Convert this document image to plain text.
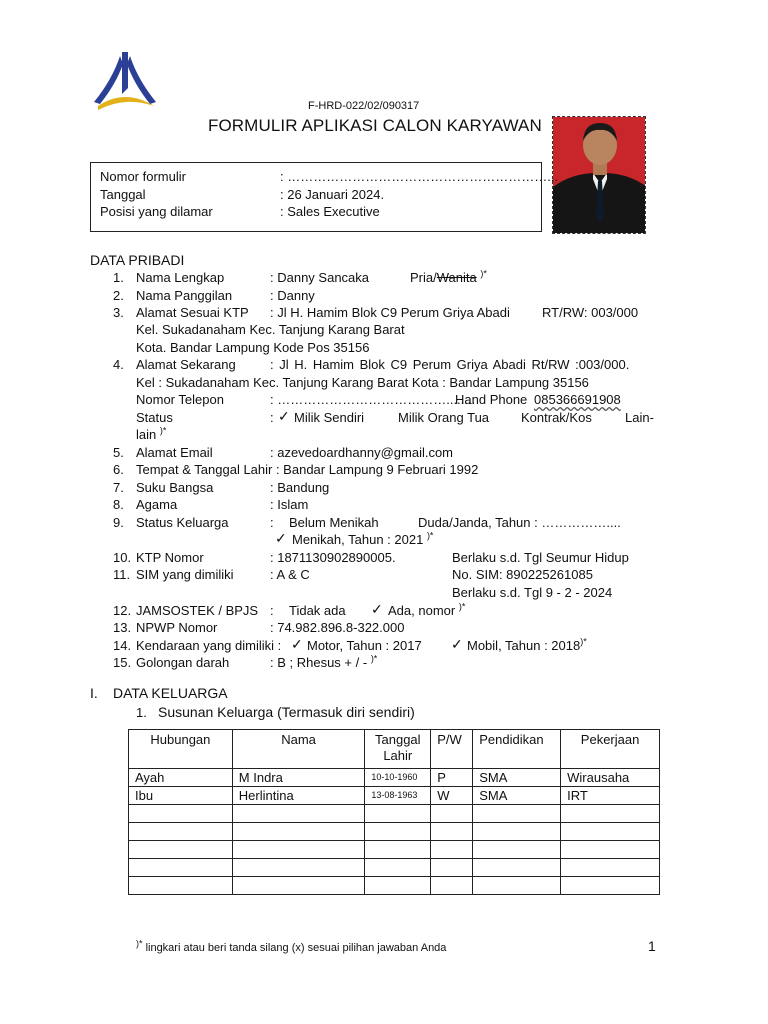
F-HRD-022/02/090317
FORMULIR APLIKASI CALON KARYAWAN
Nomor formulir	: ……………………………………………………...
Tanggal	: 26 Januari 2024.
Posisi yang dilamar	: Sales Executive
DATA PRIBADI
1. Nama Lengkap	: Danny Sancaka	Pria/Wanita )*
2. Nama Panggilan	: Danny
3. Alamat Sesuai KTP : Jl H. Hamim Blok C9 Perum Griya Abadi RT/RW: 003/000
Kel. Sukadanaham Kec. Tanjung Karang Barat
Kota. Bandar Lampung Kode Pos 35156
4. Alamat Sekarang	: Jl H. Hamim Blok C9 Perum Griya Abadi Rt/RW :003/000.
Kel : Sukadanaham Kec. Tanjung Karang Barat Kota : Bandar Lampung 35156
Nomor Telepon	: …………………………………........
Hand Phone 085366691908
Status	: ✓ Milik Sendiri	Milik Orang Tua Kontrak/Kos	Lain-
lain )*
5. Alamat Email	: azevedoardhanny@gmail.com
6. Tempat & Tanggal Lahir : Bandar Lampung 9 Februari 1992
7. Suku Bangsa	: Bandung
8. Agama	: Islam
9. Status Keluarga	: Belum Menikah	Duda/Janda, Tahun : ……………....
✓ Menikah, Tahun : 2021 )*
10. KTP Nomor	: 1871130902890005.	Berlaku s.d. Tgl Seumur Hidup
11. SIM yang dimiliki	: A & C	No. SIM: 890225261085
Berlaku s.d. Tgl 9 - 2 - 2024
12. JAMSOSTEK / BPJS : Tidak ada ✓ Ada, nomor )*
13. NPWP Nomor	: 74.982.896.8-322.000
14. Kendaraan yang dimiliki : ✓ Motor, Tahun : 2017 ✓ Mobil, Tahun : 2018)*
15. Golongan darah	: B ; Rhesus + / - )*
I. DATA KELUARGA
1. Susunan Keluarga (Termasuk diri sendiri)
Hubungan	Nama	Tanggal Lahir	P/W	Pendidikan	Pekerjaan
Ayah	M Indra	10-10-1960	P	SMA	Wirausaha
Ibu	Herlintina	13-08-1963	W	SMA	IRT

)* lingkari atau beri tanda silang (x) sesuai pilihan jawaban Anda	1
